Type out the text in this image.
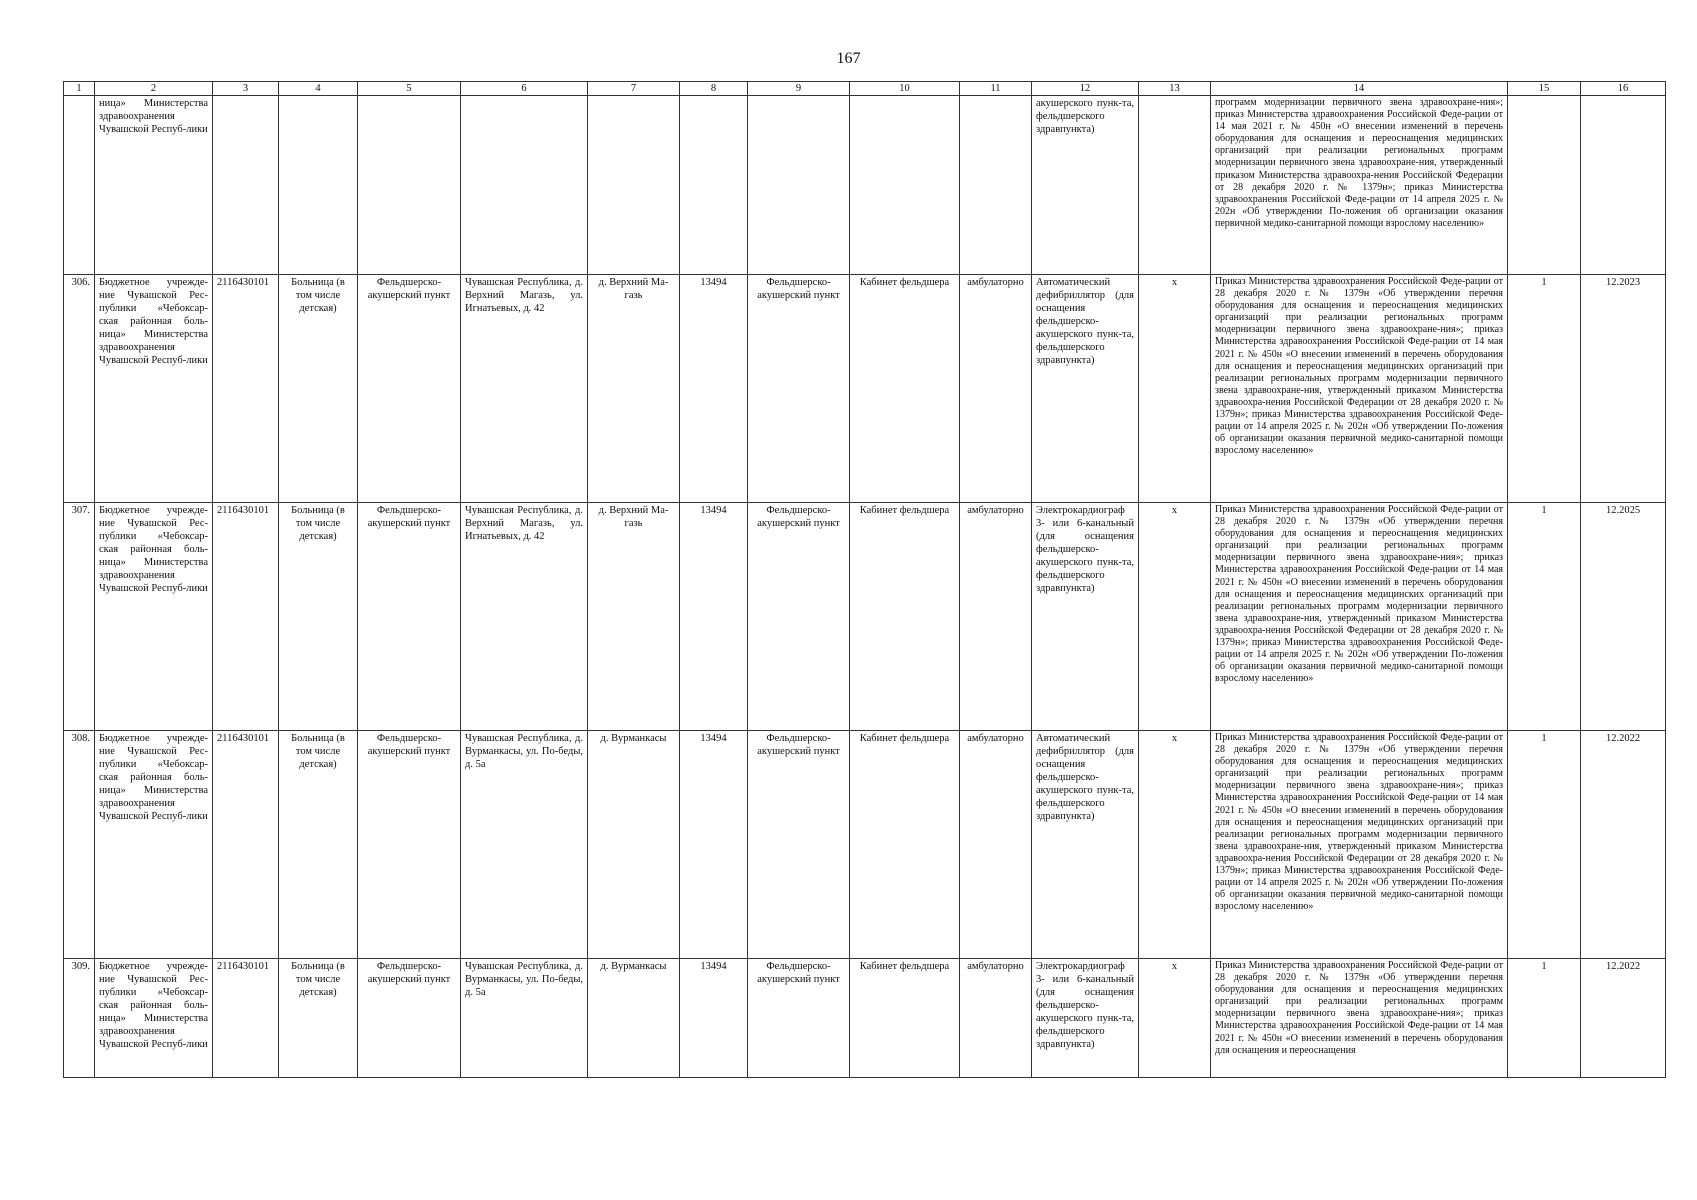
167
1	2	3	4	5	6	7	8	9	10	11	12	13	14	15	16
	ница» Министерства здравоохранения Чувашской Респуб-лики										акушерского пунк-та, фельдшерского здравпункта)		программ модернизации первичного звена здравоохране-ния»; приказ Министерства здравоохранения Российской Феде-рации от 14 мая 2021 г. № 450н «О внесении изменений в перечень оборудования для оснащения и переоснащения медицинских организаций при реализации региональных программ модернизации первичного звена здравоохране-ния, утвержденный приказом Министерства здравоохра-нения Российской Федерации от 28 декабря 2020 г. № 1379н»; приказ Министерства здравоохранения Российской Феде-рации от 14 апреля 2025 г. № 202н «Об утверждении По-ложения об организации оказания первичной медико-санитарной помощи взрослому населению»		
306.	Бюджетное учрежде-ние Чувашской Рес-публики «Чебоксар-ская районная боль-ница» Министерства здравоохранения Чувашской Респуб-лики	2116430101	Больница (в том числе детская)	Фельдшерско-акушерский пункт	Чувашская Республика, д. Верхний Магазь, ул. Игнатьевых, д. 42	д. Верхний Ма-газь	13494	Фельдшерско-акушерский пункт	Кабинет фельдшера	амбулаторно	Автоматический дефибриллятор (для оснащения фельдшерско-акушерского пунк-та, фельдшерского здравпункта)	х	Приказ Министерства здравоохранения Российской Феде-рации от 28 декабря 2020 г. № 1379н «Об утверждении перечня оборудования для оснащения и переоснащения медицинских организаций при реализации региональных программ модернизации первичного звена здравоохране-ния»; приказ Министерства здравоохранения Российской Феде-рации от 14 мая 2021 г. № 450н «О внесении изменений в перечень оборудования для оснащения и переоснащения медицинских организаций при реализации региональных программ модернизации первичного звена здравоохране-ния, утвержденный приказом Министерства здравоохра-нения Российской Федерации от 28 декабря 2020 г. № 1379н»; приказ Министерства здравоохранения Российской Феде-рации от 14 апреля 2025 г. № 202н «Об утверждении По-ложения об организации оказания первичной медико-санитарной помощи взрослому населению»	1	12.2023
307.	Бюджетное учрежде-ние Чувашской Рес-публики «Чебоксар-ская районная боль-ница» Министерства здравоохранения Чувашской Респуб-лики	2116430101	Больница (в том числе детская)	Фельдшерско-акушерский пункт	Чувашская Республика, д. Верхний Магазь, ул. Игнатьевых, д. 42	д. Верхний Ма-газь	13494	Фельдшерско-акушерский пункт	Кабинет фельдшера	амбулаторно	Электрокардиограф 3- или 6-канальный (для оснащения фельдшерско-акушерского пунк-та, фельдшерского здравпункта)	х	Приказ Министерства здравоохранения Российской Феде-рации от 28 декабря 2020 г. № 1379н «Об утверждении перечня оборудования для оснащения и переоснащения медицинских организаций при реализации региональных программ модернизации первичного звена здравоохране-ния»; приказ Министерства здравоохранения Российской Феде-рации от 14 мая 2021 г. № 450н «О внесении изменений в перечень оборудования для оснащения и переоснащения медицинских организаций при реализации региональных программ модернизации первичного звена здравоохране-ния, утвержденный приказом Министерства здравоохра-нения Российской Федерации от 28 декабря 2020 г. № 1379н»; приказ Министерства здравоохранения Российской Феде-рации от 14 апреля 2025 г. № 202н «Об утверждении По-ложения об организации оказания первичной медико-санитарной помощи взрослому населению»	1	12.2025
308.	Бюджетное учрежде-ние Чувашской Рес-публики «Чебоксар-ская районная боль-ница» Министерства здравоохранения Чувашской Респуб-лики	2116430101	Больница (в том числе детская)	Фельдшерско-акушерский пункт	Чувашская Республика, д. Вурманкасы, ул. По-беды, д. 5а	д. Вурманкасы	13494	Фельдшерско-акушерский пункт	Кабинет фельдшера	амбулаторно	Автоматический дефибриллятор (для оснащения фельдшерско-акушерского пунк-та, фельдшерского здравпункта)	х	Приказ Министерства здравоохранения Российской Феде-рации от 28 декабря 2020 г. № 1379н «Об утверждении перечня оборудования для оснащения и переоснащения медицинских организаций при реализации региональных программ модернизации первичного звена здравоохране-ния»; приказ Министерства здравоохранения Российской Феде-рации от 14 мая 2021 г. № 450н «О внесении изменений в перечень оборудования для оснащения и переоснащения медицинских организаций при реализации региональных программ модернизации первичного звена здравоохране-ния, утвержденный приказом Министерства здравоохра-нения Российской Федерации от 28 декабря 2020 г. № 1379н»; приказ Министерства здравоохранения Российской Феде-рации от 14 апреля 2025 г. № 202н «Об утверждении По-ложения об организации оказания первичной медико-санитарной помощи взрослому населению»	1	12.2022
309.	Бюджетное учрежде-ние Чувашской Рес-публики «Чебоксар-ская районная боль-ница» Министерства здравоохранения Чувашской Респуб-лики	2116430101	Больница (в том числе детская)	Фельдшерско-акушерский пункт	Чувашская Республика, д. Вурманкасы, ул. По-беды, д. 5а	д. Вурманкасы	13494	Фельдшерско-акушерский пункт	Кабинет фельдшера	амбулаторно	Электрокардиограф 3- или 6-канальный (для оснащения фельдшерско-акушерского пунк-та, фельдшерского здравпункта)	х	Приказ Министерства здравоохранения Российской Феде-рации от 28 декабря 2020 г. № 1379н «Об утверждении перечня оборудования для оснащения и переоснащения медицинских организаций при реализации региональных программ модернизации первичного звена здравоохране-ния»; приказ Министерства здравоохранения Российской Феде-рации от 14 мая 2021 г. № 450н «О внесении изменений в перечень оборудования для оснащения и переоснащения	1	12.2022
